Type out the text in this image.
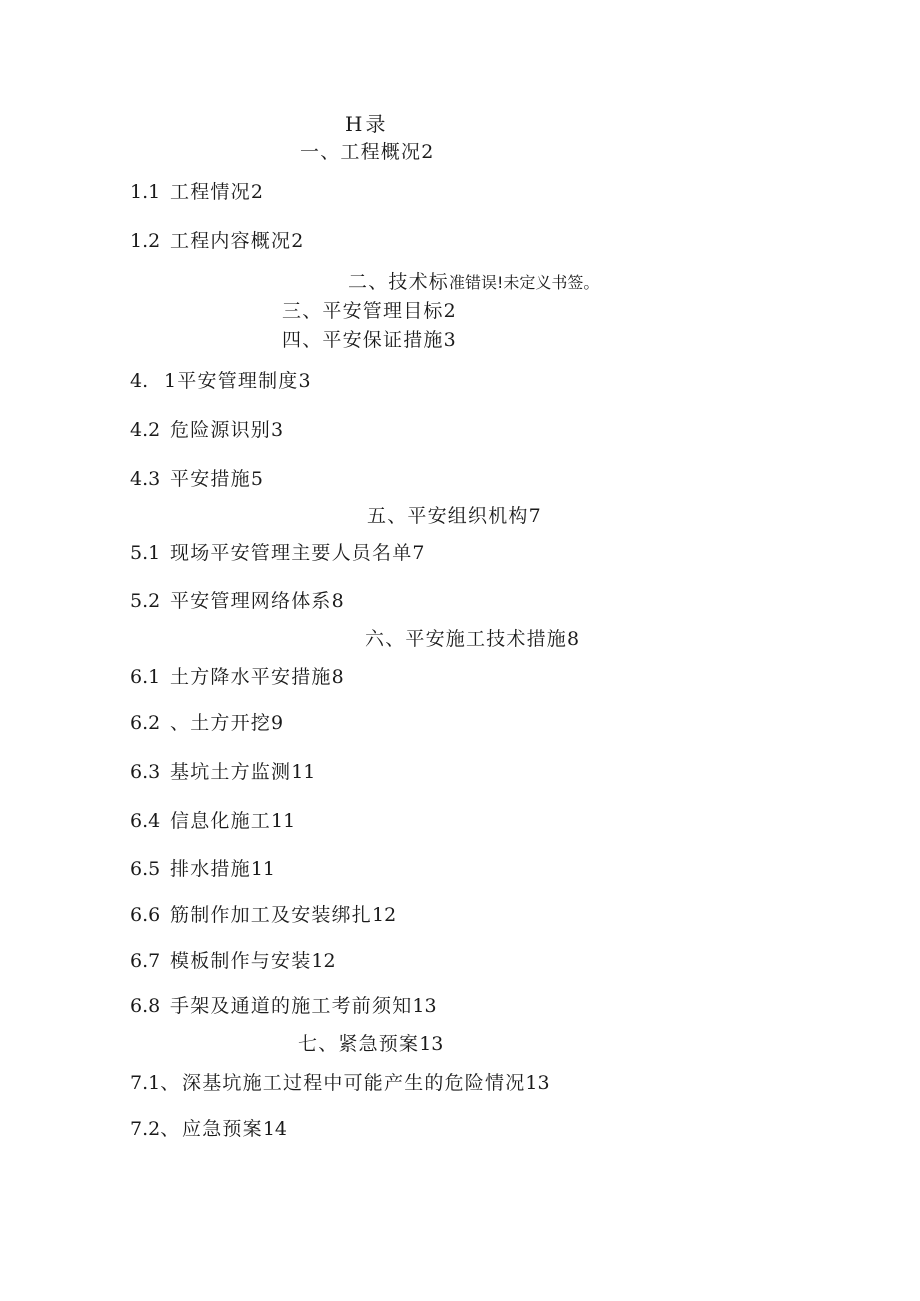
H录
一、工程概况2
1.1 工程情况2
1.2 工程内容概况2
二、技术标准错误!未定义书签。
三、平安管理目标2
四、平安保证措施3
4. 1平安管理制度3
4.2 危险源识别3
4.3 平安措施5
五、平安组织机构7
5.1 现场平安管理主要人员名单7
5.2 平安管理网络体系8
六、平安施工技术措施8
6.1 土方降水平安措施8
6.2 、土方开挖9
6.3 基坑土方监测11
6.4 信息化施工11
6.5 排水措施11
6.6 筋制作加工及安装绑扎12
6.7 模板制作与安装12
6.8 手架及通道的施工考前须知13
七、紧急预案13
7.1、 深基坑施工过程中可能产生的危险情况13
7.2、 应急预案14
